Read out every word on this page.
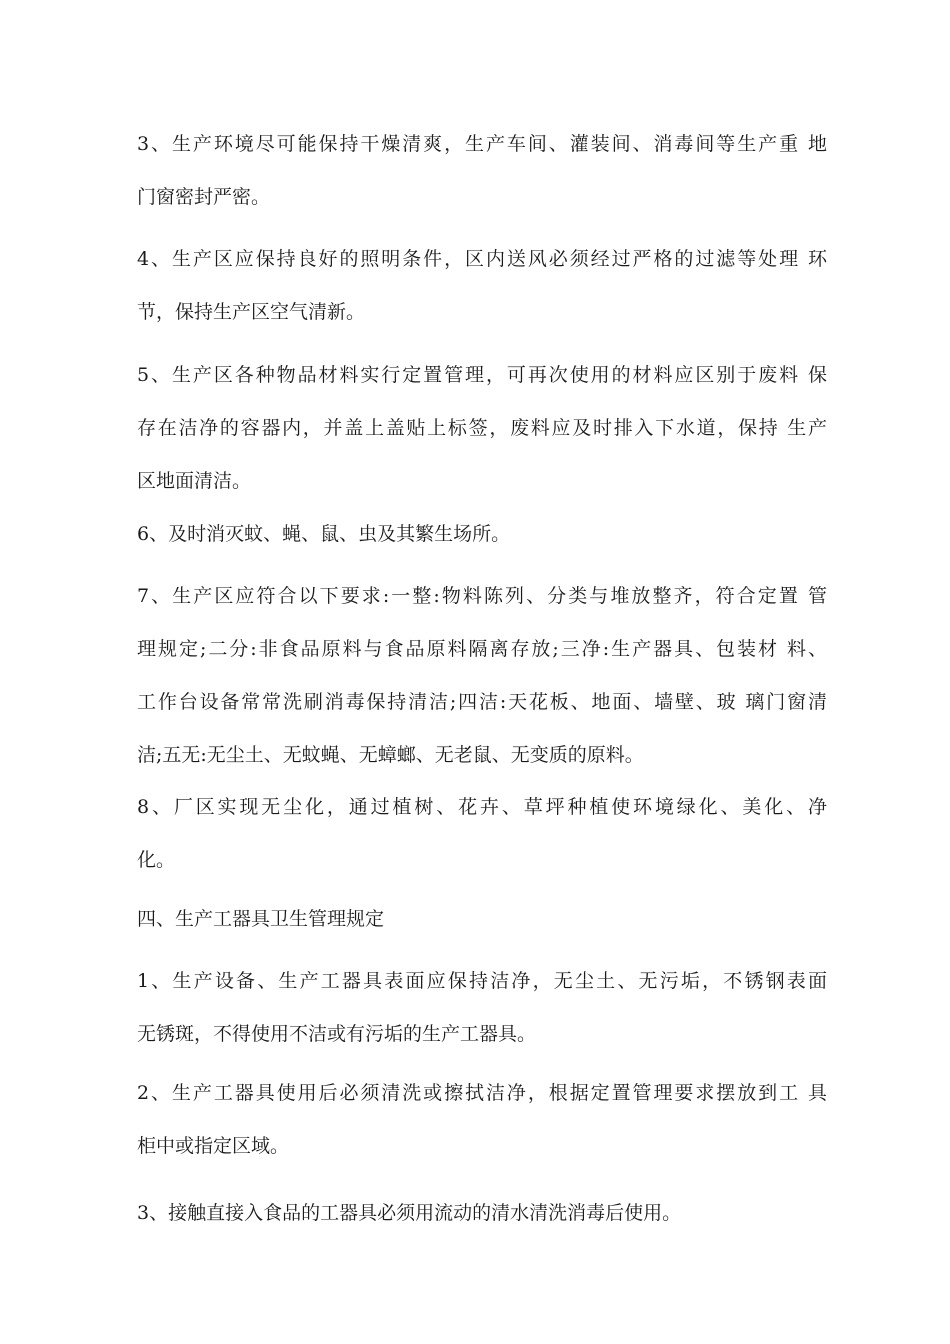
3、生产环境尽可能保持干燥清爽，生产车间、灌装间、消毒间等生产重 地
门窗密封严密。
4、生产区应保持良好的照明条件，区内送风必须经过严格的过滤等处理 环
节，保持生产区空气清新。
5、生产区各种物品材料实行定置管理，可再次使用的材料应区别于废料 保
存在洁净的容器内，并盖上盖贴上标签，废料应及时排入下水道，保持 生产
区地面清洁。
6、及时消灭蚊、蝇、鼠、虫及其繁生场所。
7、生产区应符合以下要求:一整:物料陈列、分类与堆放整齐，符合定置 管
理规定;二分:非食品原料与食品原料隔离存放;三净:生产器具、包装材 料、
工作台设备常常洗刷消毒保持清洁;四洁:天花板、地面、墙壁、玻 璃门窗清
洁;五无:无尘土、无蚊蝇、无蟑螂、无老鼠、无变质的原料。
8、厂区实现无尘化，通过植树、花卉、草坪种植使环境绿化、美化、净
化。
四、生产工器具卫生管理规定
1、生产设备、生产工器具表面应保持洁净，无尘土、无污垢，不锈钢表面
无锈斑，不得使用不洁或有污垢的生产工器具。
2、生产工器具使用后必须清洗或擦拭洁净，根据定置管理要求摆放到工 具
柜中或指定区域。
3、接触直接入食品的工器具必须用流动的清水清洗消毒后使用。
